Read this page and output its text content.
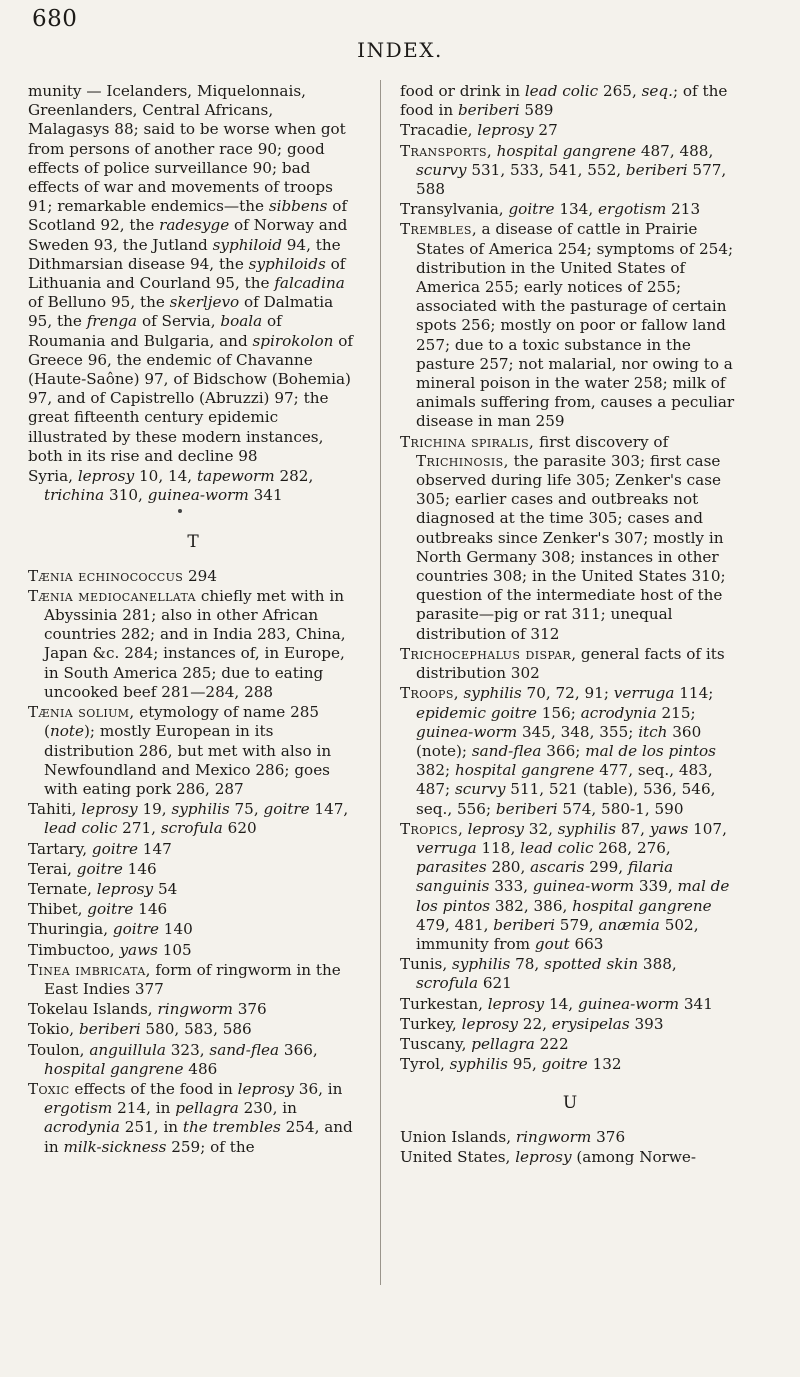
680
INDEX.

munity — Icelanders, Miquelonnais, Greenlanders, Central Africans, Malagasys 88; said to be worse when got from persons of another race 90; good effects of police surveillance 90; bad effects of war and movements of troops 91; remarkable endemics—the sibbens of Scotland 92, the radesyge of Norway and Sweden 93, the Jutland syphiloid 94, the Dithmarsian disease 94, the syphiloids of Lithuania and Courland 95, the falcadina of Belluno 95, the skerljevo of Dalmatia 95, the frenga of Servia, boala of Roumania and Bulgaria, and spirokolon of Greece 96, the endemic of Chavanne (Haute-Saône) 97, of Bidschow (Bohemia) 97, and of Capistrello (Abruzzi) 97; the great fifteenth century epidemic illustrated by these modern instances, both in its rise and decline 98

Syria, leprosy 10, 14, tapeworm 282, trichina 310, guinea-worm 341

T

Tænia echinococcus 294

Tænia mediocanellata chiefly met with in Abyssinia 281; also in other African countries 282; and in India 283, China, Japan &c. 284; instances of, in Europe, in South America 285; due to eating uncooked beef 281—284, 288

Tænia solium, etymology of name 285 (note); mostly European in its distribution 286, but met with also in Newfoundland and Mexico 286; goes with eating pork 286, 287

Tahiti, leprosy 19, syphilis 75, goitre 147, lead colic 271, scrofula 620

Tartary, goitre 147

Terai, goitre 146

Ternate, leprosy 54

Thibet, goitre 146

Thuringia, goitre 140

Timbuctoo, yaws 105

Tinea imbricata, form of ringworm in the East Indies 377

Tokelau Islands, ringworm 376

Tokio, beriberi 580, 583, 586

Toulon, anguillula 323, sand-flea 366, hospital gangrene 486

Toxic effects of the food in leprosy 36, in ergotism 214, in pellagra 230, in acrodynia 251, in the trembles 254, and in milk-sickness 259; of the

food or drink in lead colic 265, seq.; of the food in beriberi 589

Tracadie, leprosy 27

Transports, hospital gangrene 487, 488, scurvy 531, 533, 541, 552, beriberi 577, 588

Transylvania, goitre 134, ergotism 213

Trembles, a disease of cattle in Prairie States of America 254; symptoms of 254; distribution in the United States of America 255; early notices of 255; associated with the pasturage of certain spots 256; mostly on poor or fallow land 257; due to a toxic substance in the pasture 257; not malarial, nor owing to a mineral poison in the water 258; milk of animals suffering from, causes a peculiar disease in man 259

Trichina spiralis, first discovery of
Trichinosis, the parasite 303; first case observed during life 305; Zenker's case 305; earlier cases and outbreaks not diagnosed at the time 305; cases and outbreaks since Zenker's 307; mostly in North Germany 308; instances in other countries 308; in the United States 310; question of the intermediate host of the parasite—pig or rat 311; unequal distribution of 312

Trichocephalus dispar, general facts of its distribution 302

Troops, syphilis 70, 72, 91; verruga 114; epidemic goitre 156; acrodynia 215; guinea-worm 345, 348, 355; itch 360 (note); sand-flea 366; mal de los pintos 382; hospital gangrene 477, seq., 483, 487; scurvy 511, 521 (table), 536, 546, seq., 556; beriberi 574, 580-1, 590

Tropics, leprosy 32, syphilis 87, yaws 107, verruga 118, lead colic 268, 276, parasites 280, ascaris 299, filaria sanguinis 333, guinea-worm 339, mal de los pintos 382, 386, hospital gangrene 479, 481, beriberi 579, anæmia 502, immunity from gout 663

Tunis, syphilis 78, spotted skin 388, scrofula 621

Turkestan, leprosy 14, guinea-worm 341

Turkey, leprosy 22, erysipelas 393

Tuscany, pellagra 222

Tyrol, syphilis 95, goitre 132

U

Union Islands, ringworm 376

United States, leprosy (among Norwe-
